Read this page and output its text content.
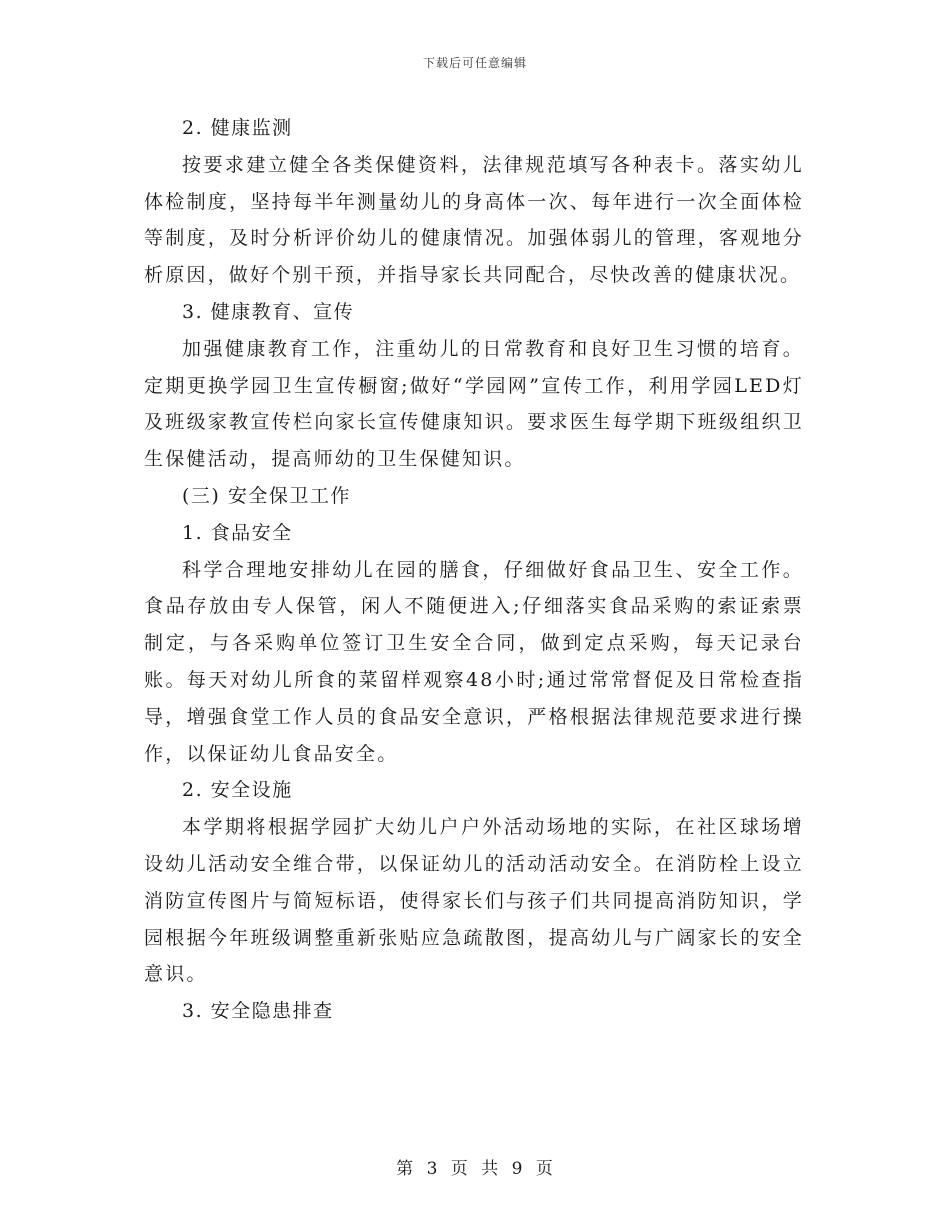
下载后可任意编辑

2. 健康监测

按要求建立健全各类保健资料，法律规范填写各种表卡。落实幼儿体检制度，坚持每半年测量幼儿的身高体一次、每年进行一次全面体检等制度，及时分析评价幼儿的健康情况。加强体弱儿的管理，客观地分析原因，做好个别干预，并指导家长共同配合，尽快改善的健康状况。

3. 健康教育、宣传

加强健康教育工作，注重幼儿的日常教育和良好卫生习惯的培育。定期更换学园卫生宣传橱窗;做好“学园网”宣传工作，利用学园LED灯及班级家教宣传栏向家长宣传健康知识。要求医生每学期下班级组织卫生保健活动，提高师幼的卫生保健知识。

(三) 安全保卫工作

1. 食品安全

科学合理地安排幼儿在园的膳食，仔细做好食品卫生、安全工作。食品存放由专人保管，闲人不随便进入;仔细落实食品采购的索证索票制定，与各采购单位签订卫生安全合同，做到定点采购，每天记录台账。每天对幼儿所食的菜留样观察48小时;通过常常督促及日常检查指导，增强食堂工作人员的食品安全意识，严格根据法律规范要求进行操作，以保证幼儿食品安全。

2. 安全设施

本学期将根据学园扩大幼儿户户外活动场地的实际，在社区球场增设幼儿活动安全维合带，以保证幼儿的活动活动安全。在消防栓上设立消防宣传图片与简短标语，使得家长们与孩子们共同提高消防知识，学园根据今年班级调整重新张贴应急疏散图，提高幼儿与广阔家长的安全意识。

3. 安全隐患排查

第 3 页 共 9 页
